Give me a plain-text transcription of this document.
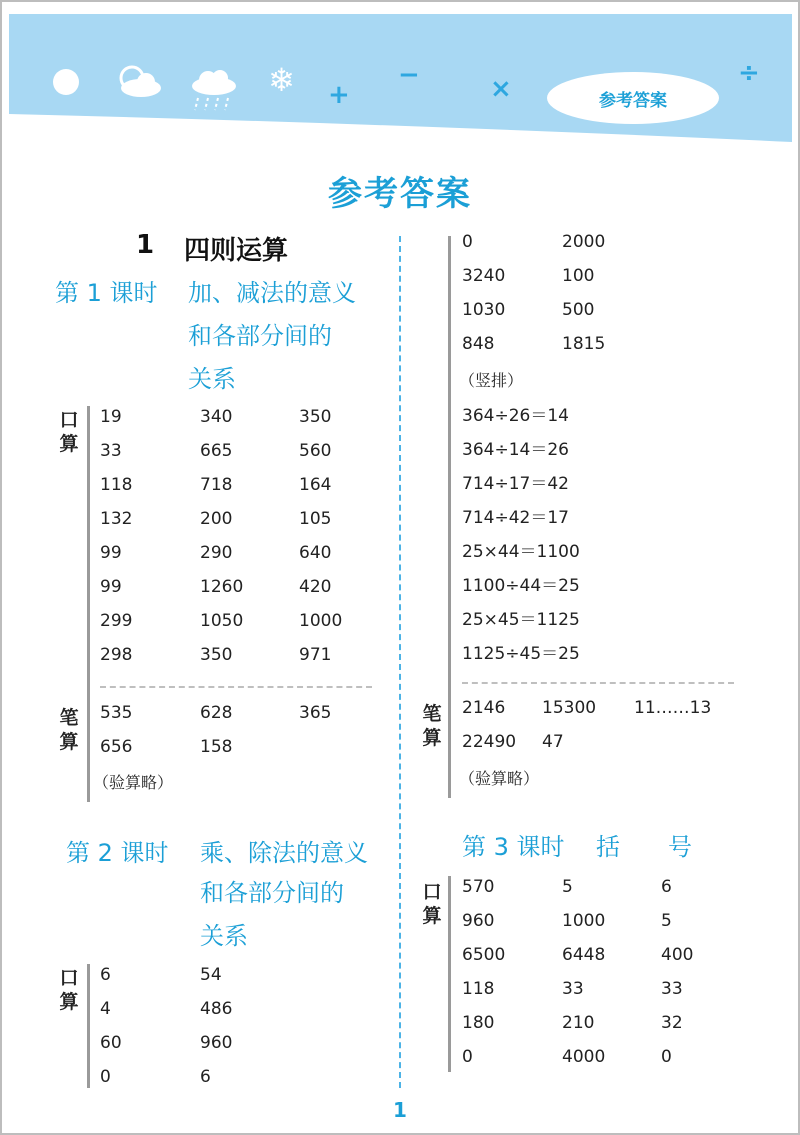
❄ +
−	×
÷
参考答案
参考答案
1 四则运算
第 1 课时 加、减法的意义
和各部分间的
关系
口
算
19
33
118
132
99
99
299
298
340
665
718
200
290
1260
1050
350
350
560
164
105
640
420
1000
971
笔
算
535
656
628
158
365
（验算略）
第 2 课时 乘、除法的意义
和各部分间的
关系
口
算
6
4
60
0
54
486
960
6
0
3240
1030
848
2000
100
500
1815
（竖排）
364÷26＝14
364÷14＝26
714÷17＝42
714÷42＝17
25×44＝1100
1100÷44＝25
25×45＝1125
1125÷45＝25
笔
算
2146
22490
15300
47
11……13
（验算略）
第 3 课时 括　　号
口
算
570
960
6500
118
180
0
5
1000
6448
33
210
4000
6
5
400
33
32
0
1
